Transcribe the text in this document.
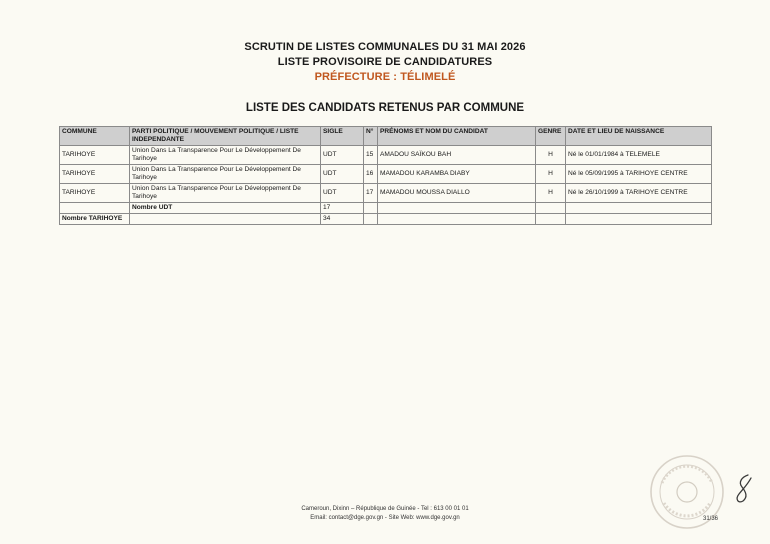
SCRUTIN DE LISTES COMMUNALES DU 31 MAI 2026
LISTE PROVISOIRE DE CANDIDATURES
PRÉFECTURE : TÉLIMELÉ
LISTE DES CANDIDATS RETENUS PAR COMMUNE
COMMUNE	PARTI POLITIQUE / MOUVEMENT POLITIQUE / LISTE INDEPENDANTE	SIGLE	N°	PRÉNOMS ET NOM DU CANDIDAT	GENRE	DATE ET LIEU DE NAISSANCE
TARIHOYE	Union Dans La Transparence Pour Le Développement De Tarihoye	UDT	15	AMADOU SAÏKOU BAH	H	Né le 01/01/1984 à TELEMELE
TARIHOYE	Union Dans La Transparence Pour Le Développement De Tarihoye	UDT	16	MAMADOU KARAMBA DIABY	H	Né le 05/09/1995 à TARIHOYE CENTRE
TARIHOYE	Union Dans La Transparence Pour Le Développement De Tarihoye	UDT	17	MAMADOU MOUSSA DIALLO	H	Né le 26/10/1999 à TARIHOYE CENTRE
	Nombre UDT	17				
Nombre TARIHOYE		34				
Cameroun, Dixinn – République de Guinée - Tel : 613 00 01 01
Email: contact@dge.gov.gn - Site Web: www.dge.gov.gn	31/36
